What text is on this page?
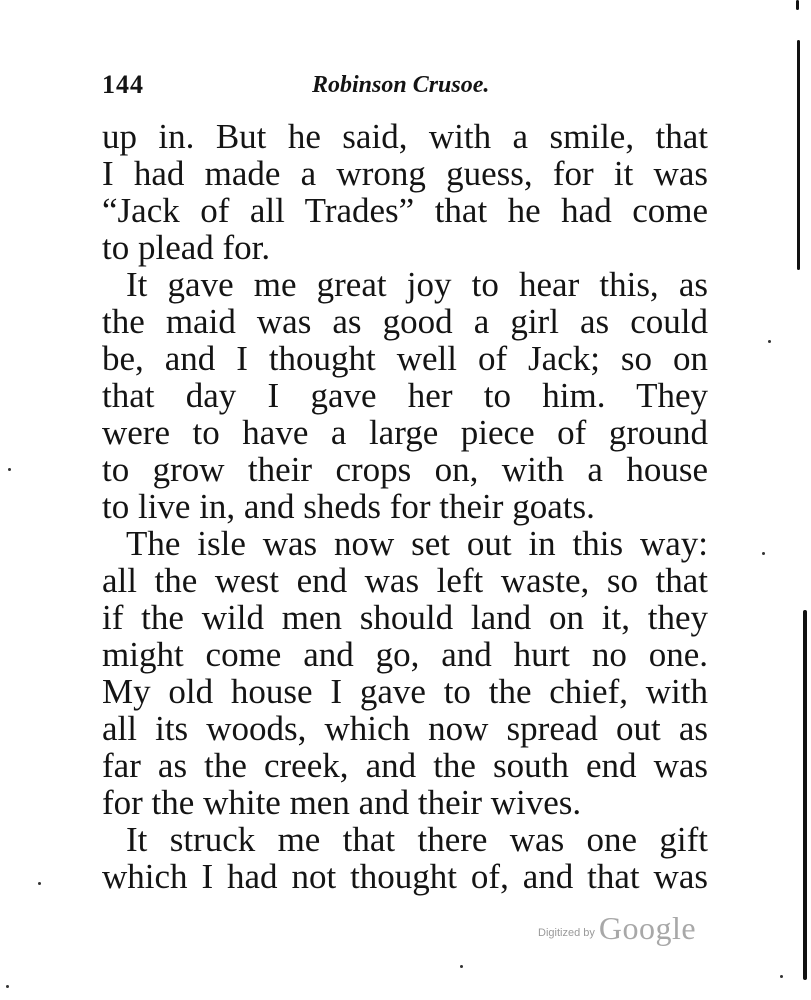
144	Robinson Crusoe.
up in. But he said, with a smile, that
I had made a wrong guess, for it was
“Jack of all Trades” that he had come
to plead for.
It gave me great joy to hear this, as
the maid was as good a girl as could
be, and I thought well of Jack; so on
that day I gave her to him. They
were to have a large piece of ground
to grow their crops on, with a house
to live in, and sheds for their goats.
The isle was now set out in this way:
all the west end was left waste, so that
if the wild men should land on it, they
might come and go, and hurt no one.
My old house I gave to the chief, with
all its woods, which now spread out as
far as the creek, and the south end was
for the white men and their wives.
It struck me that there was one gift
which I had not thought of, and that was
Digitized by Google
